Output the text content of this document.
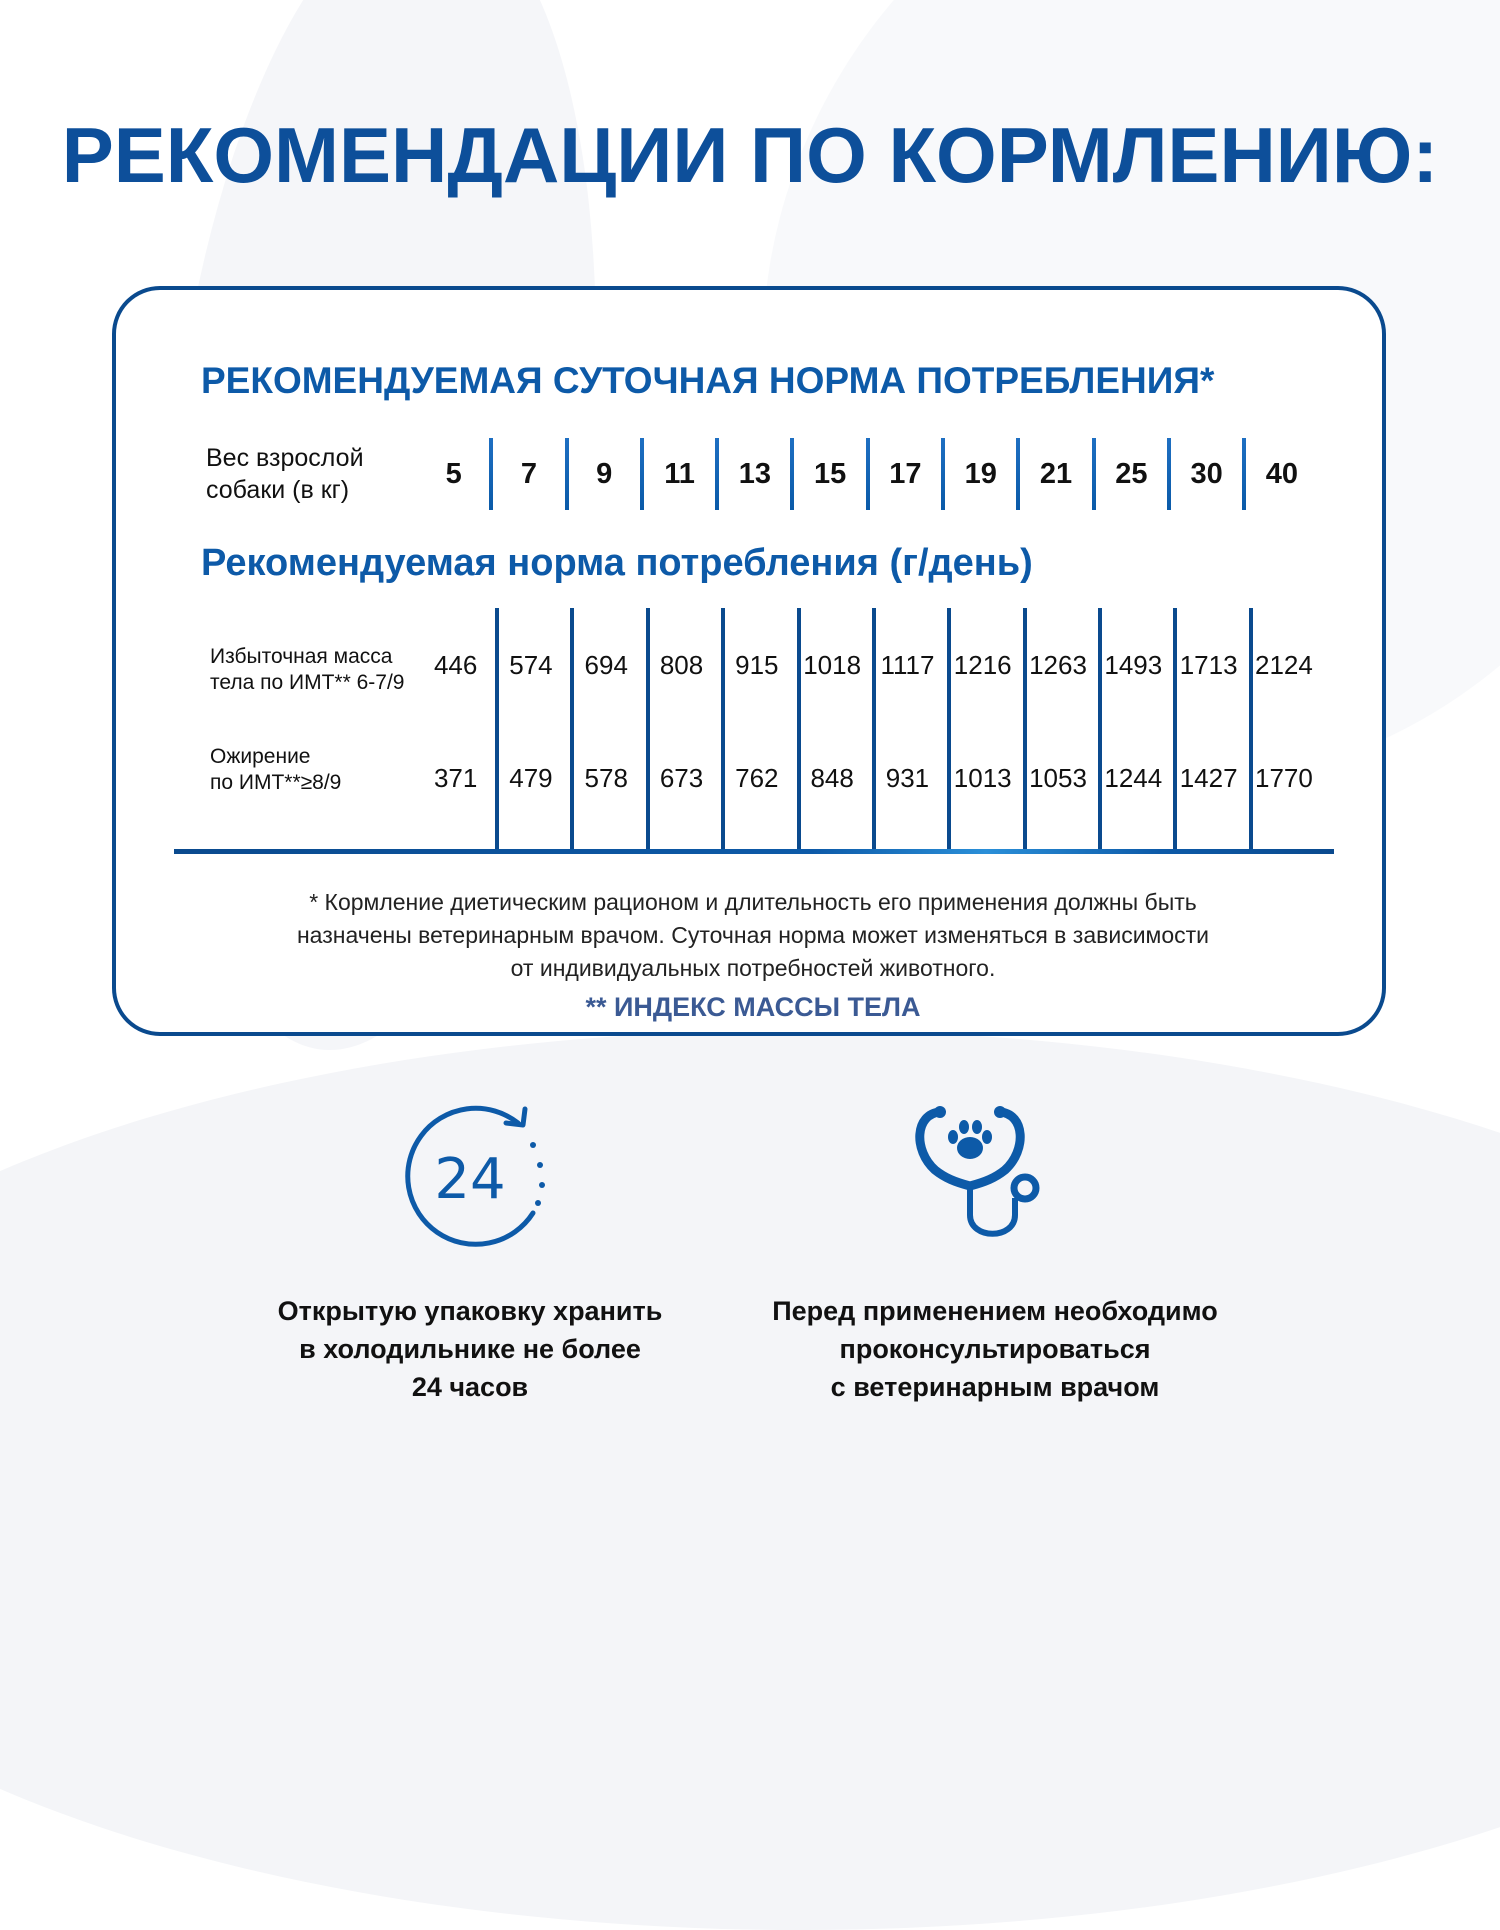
РЕКОМЕНДАЦИИ ПО КОРМЛЕНИЮ:
РЕКОМЕНДУЕМАЯ СУТОЧНАЯ НОРМА ПОТРЕБЛЕНИЯ*
Вес взрослой
собаки (в кг)
5	7	9	11	13	15	17	19	21	25	30	40
Рекомендуемая норма потребления (г/день)
Избыточная масса
тела по ИМТ** 6-7/9
446	574	694	808	915 1018 1117 1216 1263 1493 1713 2124
Ожирение
по ИМТ**≥8/9	371	479	578	673	762	848	931 1013 1053 1244 1427 1770
* Кормление диетическим рационом и длительность его применения должны быть
назначены ветеринарным врачом. Суточная норма может изменяться в зависимости
от индивидуальных потребностей животного.
** ИНДЕКС МАССЫ ТЕЛА
24
Открытую упаковку хранить
в холодильнике не более
24 часов
Перед применением необходимо
проконсультироваться
с ветеринарным врачом
